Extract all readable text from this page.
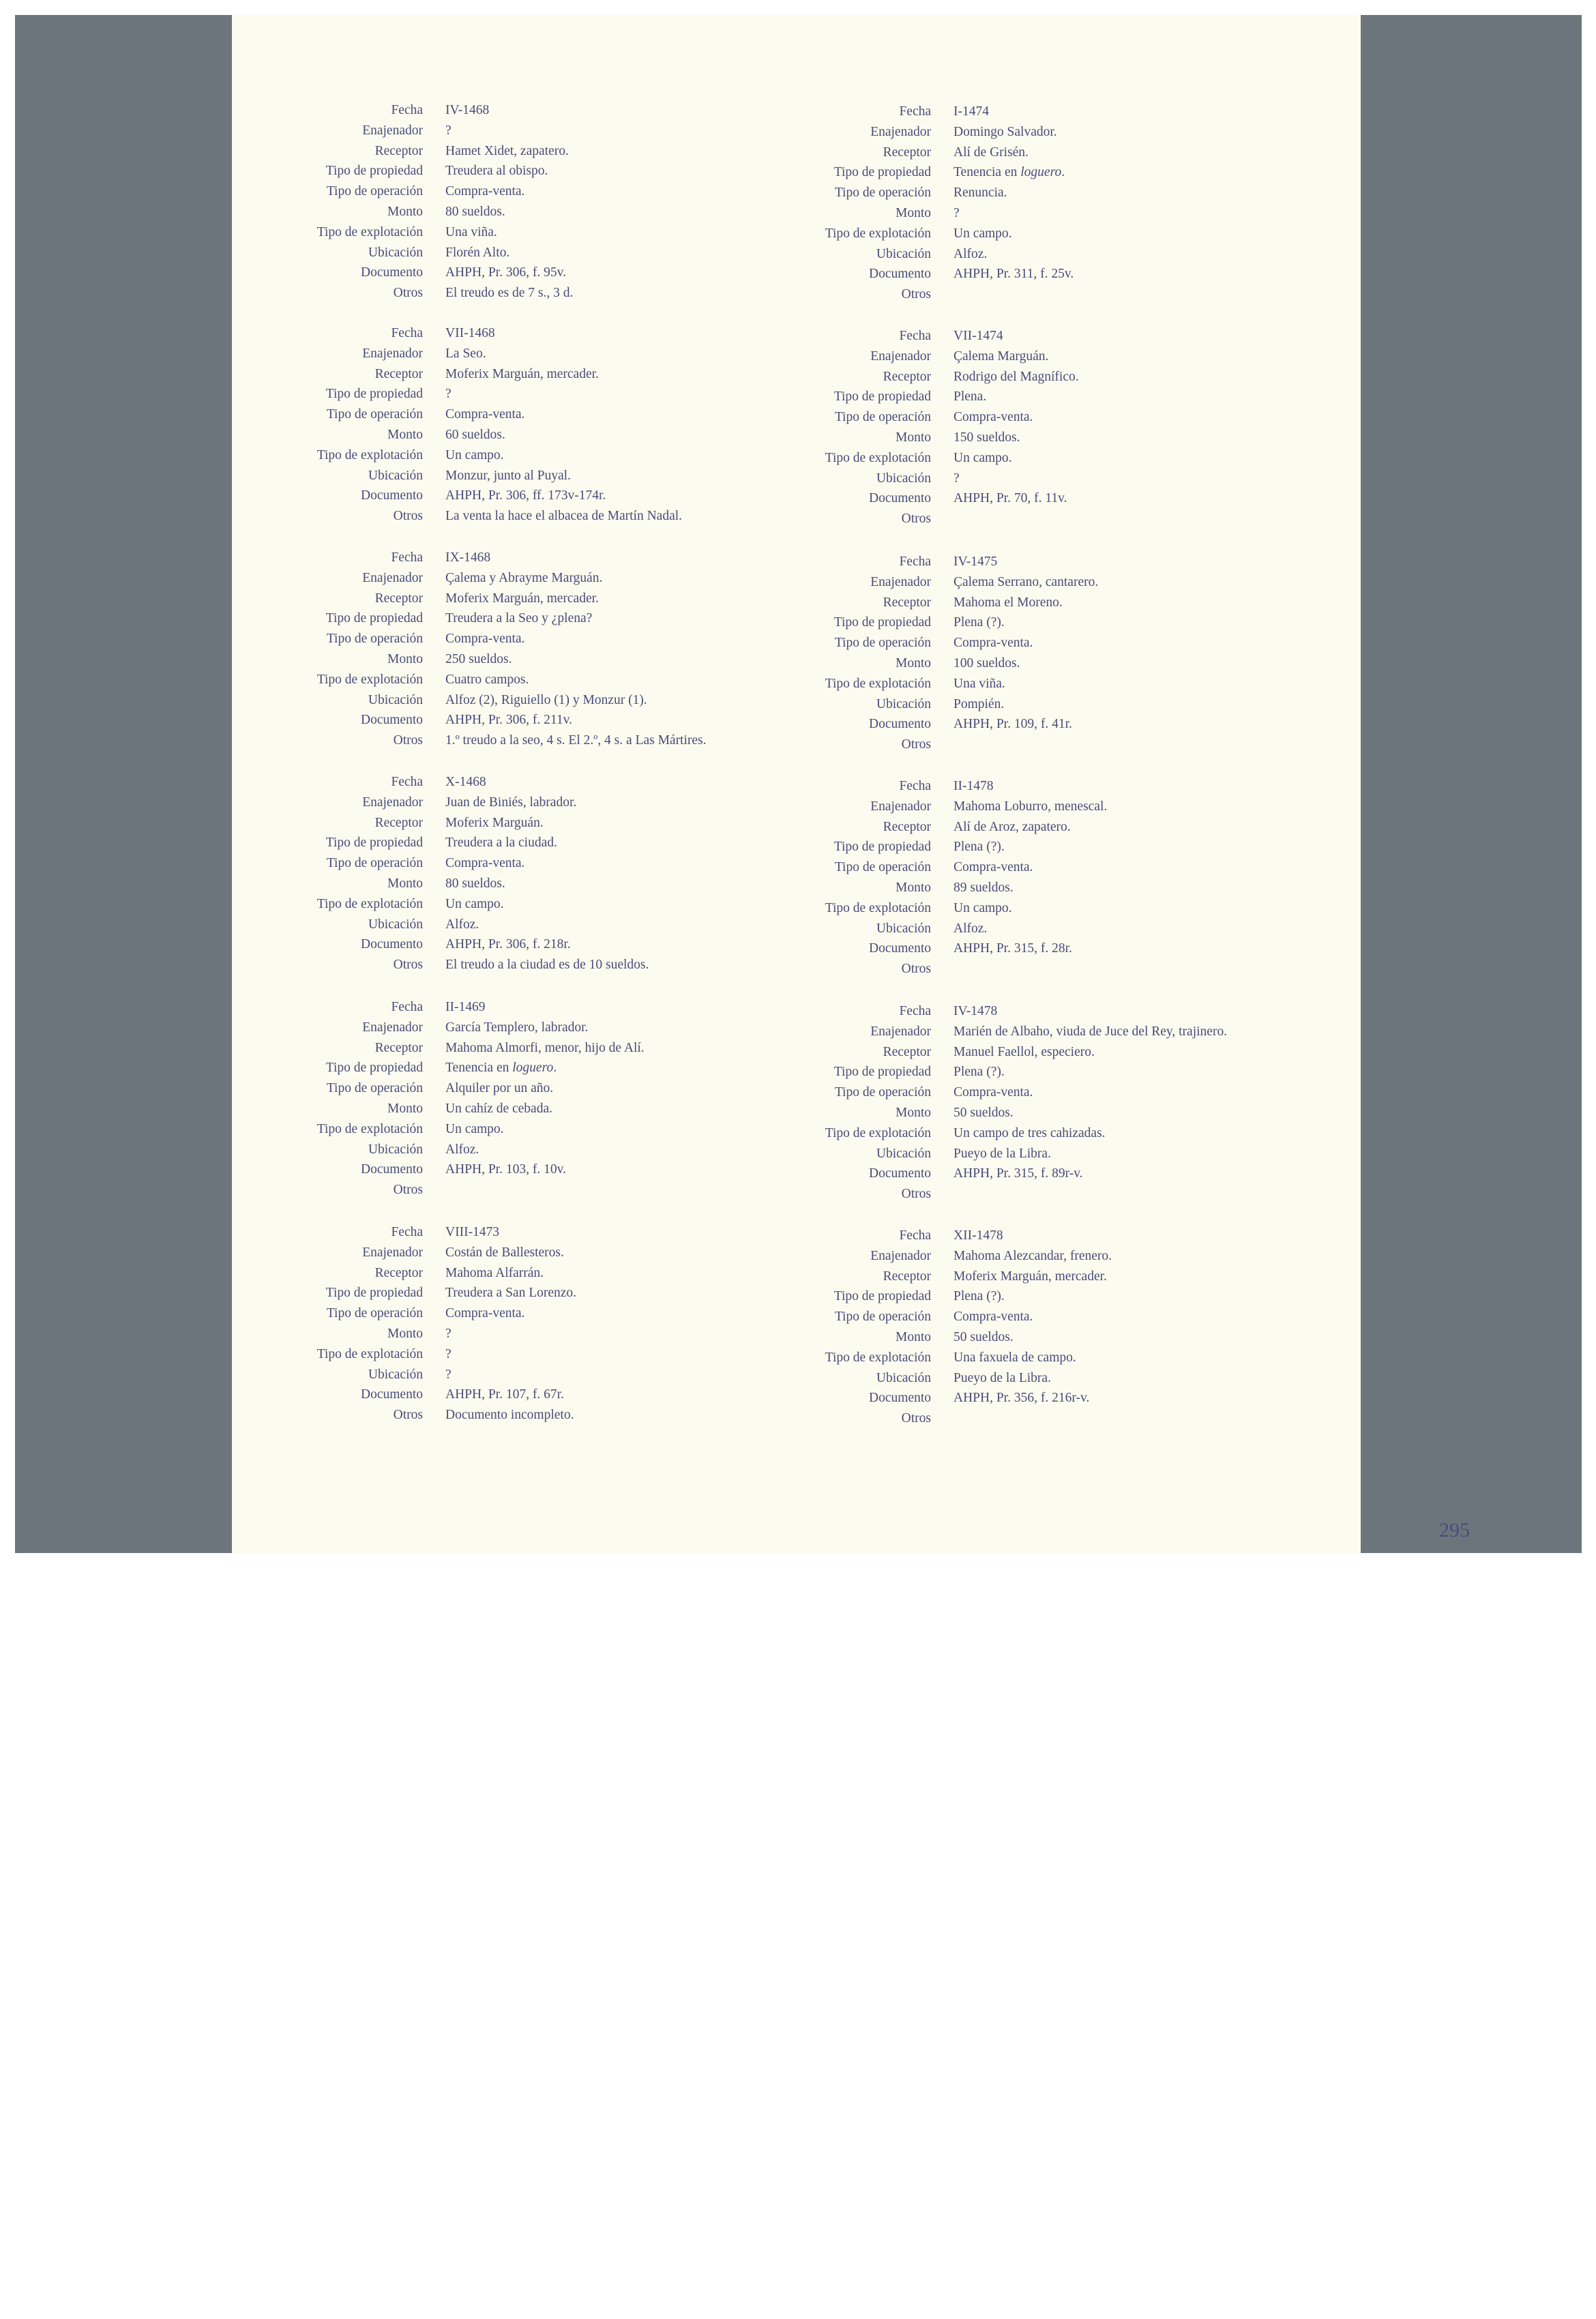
Fecha IV-1468
Enajenador ?
Receptor Hamet Xidet, zapatero.
Tipo de propiedad Treudera al obispo.
Tipo de operación Compra-venta.
Monto 80 sueldos.
Tipo de explotación Una viña.
Ubicación Florén Alto.
Documento AHPH, Pr. 306, f. 95v.
Otros El treudo es de 7 s., 3 d.
Fecha VII-1468
Enajenador La Seo.
Receptor Moferix Marguán, mercader.
Tipo de propiedad ?
Tipo de operación Compra-venta.
Monto 60 sueldos.
Tipo de explotación Un campo.
Ubicación Monzur, junto al Puyal.
Documento AHPH, Pr. 306, ff. 173v-174r.
Otros La venta la hace el albacea de Martín Nadal.
Fecha IX-1468
Enajenador Çalema y Abrayme Marguán.
Receptor Moferix Marguán, mercader.
Tipo de propiedad Treudera a la Seo y ¿plena?
Tipo de operación Compra-venta.
Monto 250 sueldos.
Tipo de explotación Cuatro campos.
Ubicación Alfoz (2), Riguiello (1) y Monzur (1).
Documento AHPH, Pr. 306, f. 211v.
Otros 1.º treudo a la seo, 4 s. El 2.º, 4 s. a Las Mártires.
Fecha X-1468
Enajenador Juan de Biniés, labrador.
Receptor Moferix Marguán.
Tipo de propiedad Treudera a la ciudad.
Tipo de operación Compra-venta.
Monto 80 sueldos.
Tipo de explotación Un campo.
Ubicación Alfoz.
Documento AHPH, Pr. 306, f. 218r.
Otros El treudo a la ciudad es de 10 sueldos.
Fecha II-1469
Enajenador García Templero, labrador.
Receptor Mahoma Almorfi, menor, hijo de Alí.
Tipo de propiedad Tenencia en loguero.
Tipo de operación Alquiler por un año.
Monto Un cahíz de cebada.
Tipo de explotación Un campo.
Ubicación Alfoz.
Documento AHPH, Pr. 103, f. 10v.
Otros
Fecha VIII-1473
Enajenador Costán de Ballesteros.
Receptor Mahoma Alfarrán.
Tipo de propiedad Treudera a San Lorenzo.
Tipo de operación Compra-venta.
Monto ?
Tipo de explotación ?
Ubicación ?
Documento AHPH, Pr. 107, f. 67r.
Otros Documento incompleto.
Fecha I-1474
Enajenador Domingo Salvador.
Receptor Alí de Grisén.
Tipo de propiedad Tenencia en loguero.
Tipo de operación Renuncia.
Monto ?
Tipo de explotación Un campo.
Ubicación Alfoz.
Documento AHPH, Pr. 311, f. 25v.
Otros
Fecha VII-1474
Enajenador Çalema Marguán.
Receptor Rodrigo del Magnífico.
Tipo de propiedad Plena.
Tipo de operación Compra-venta.
Monto 150 sueldos.
Tipo de explotación Un campo.
Ubicación ?
Documento AHPH, Pr. 70, f. 11v.
Otros
Fecha IV-1475
Enajenador Çalema Serrano, cantarero.
Receptor Mahoma el Moreno.
Tipo de propiedad Plena (?).
Tipo de operación Compra-venta.
Monto 100 sueldos.
Tipo de explotación Una viña.
Ubicación Pompién.
Documento AHPH, Pr. 109, f. 41r.
Otros
Fecha II-1478
Enajenador Mahoma Loburro, menescal.
Receptor Alí de Aroz, zapatero.
Tipo de propiedad Plena (?).
Tipo de operación Compra-venta.
Monto 89 sueldos.
Tipo de explotación Un campo.
Ubicación Alfoz.
Documento AHPH, Pr. 315, f. 28r.
Otros
Fecha IV-1478
Enajenador Marién de Albaho, viuda de Juce del Rey, trajinero.
Receptor Manuel Faellol, especiero.
Tipo de propiedad Plena (?).
Tipo de operación Compra-venta.
Monto 50 sueldos.
Tipo de explotación Un campo de tres cahizadas.
Ubicación Pueyo de la Libra.
Documento AHPH, Pr. 315, f. 89r-v.
Otros
Fecha XII-1478
Enajenador Mahoma Alezcandar, frenero.
Receptor Moferix Marguán, mercader.
Tipo de propiedad Plena (?).
Tipo de operación Compra-venta.
Monto 50 sueldos.
Tipo de explotación Una faxuela de campo.
Ubicación Pueyo de la Libra.
Documento AHPH, Pr. 356, f. 216r-v.
Otros
295
